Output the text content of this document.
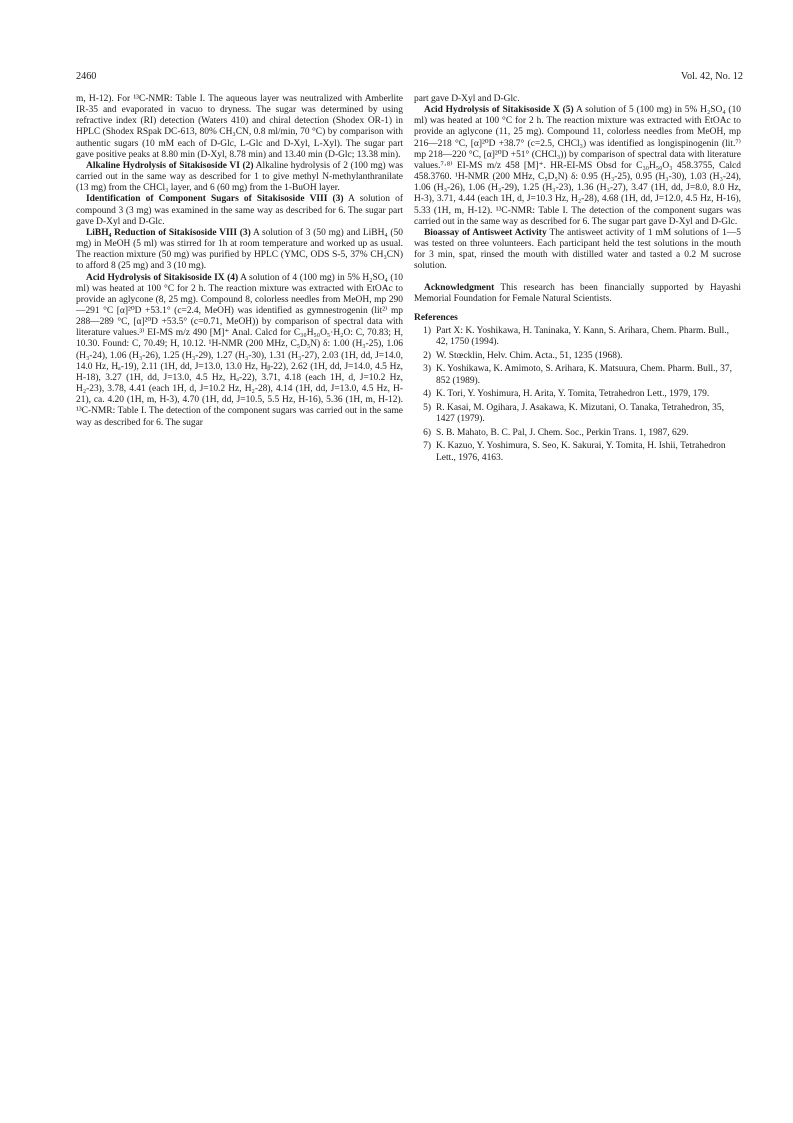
2460	Vol. 42, No. 12

m, H-12). For ¹³C-NMR: Table I. The aqueous layer was neutralized with Amberlite IR-35 and evaporated in vacuo to dryness. The sugar was determined by using refractive index (RI) detection (Waters 410) and chiral detection (Shodex OR-1) in HPLC (Shodex RSpak DC-613, 80% CH₃CN, 0.8 ml/min, 70 °C) by comparison with authentic sugars (10 mM each of D-Glc, L-Glc and D-Xyl, L-Xyl). The sugar part gave positive peaks at 8.80 min (D-Xyl, 8.78 min) and 13.40 min (D-Glc; 13.38 min).

Alkaline Hydrolysis of Sitakisoside VI (2) Alkaline hydrolysis of 2 (100 mg) was carried out in the same way as described for 1 to give methyl N-methylanthranilate (13 mg) from the CHCl₃ layer, and 6 (60 mg) from the 1-BuOH layer.

Identification of Component Sugars of Sitakisoside VIII (3) A solution of compound 3 (3 mg) was examined in the same way as described for 6. The sugar part gave D-Xyl and D-Glc.

LiBH₄ Reduction of Sitakisoside VIII (3) A solution of 3 (50 mg) and LiBH₄ (50 mg) in MeOH (5 ml) was stirred for 1h at room temperature and worked up as usual. The reaction mixture (50 mg) was purified by HPLC (YMC, ODS S-5, 37% CH₃CN) to afford 8 (25 mg) and 3 (10 mg).

Acid Hydrolysis of Sitakisoside IX (4) A solution of 4 (100 mg) in 5% H₂SO₄ (10 ml) was heated at 100 °C for 2 h. The reaction mixture was extracted with EtOAc to provide an aglycone (8, 25 mg). Compound 8, colorless needles from MeOH, mp 290—291 °C [α]²⁰D +53.1° (c=2.4, MeOH) was identified as gymnestrogenin (lit²⁾ mp 288—289 °C, [α]²⁰D +53.5° (c=0.71, MeOH)) by comparison of spectral data with literature values.³⁾ EI-MS m/z 490 [M]⁺ Anal. Calcd for C₃₀H₅₀O₅·H₂O: C, 70.83; H, 10.30. Found: C, 70.49; H, 10.12. ¹H-NMR (200 MHz, C₅D₅N) δ: 1.00 (H₃-25), 1.06 (H₃-24), 1.06 (H₃-26), 1.25 (H₃-29), 1.27 (H₃-30), 1.31 (H₃-27), 2.03 (1H, dd, J=14.0, 14.0 Hz, Hₐ-19), 2.11 (1H, dd, J=13.0, 13.0 Hz, Hᵦ-22), 2.62 (1H, dd, J=14.0, 4.5 Hz, H-18), 3.27 (1H, dd, J=13.0, 4.5 Hz, Hₐ-22), 3.71, 4.18 (each 1H, d, J=10.2 Hz, H₂-23), 3.78, 4.41 (each 1H, d, J=10.2 Hz, H₂-28), 4.14 (1H, dd, J=13.0, 4.5 Hz, H-21), ca. 4.20 (1H, m, H-3), 4.70 (1H, dd, J=10.5, 5.5 Hz, H-16), 5.36 (1H, m, H-12). ¹³C-NMR: Table I. The detection of the component sugars was carried out in the same way as described for 6. The sugar

part gave D-Xyl and D-Glc.

Acid Hydrolysis of Sitakisoside X (5) A solution of 5 (100 mg) in 5% H₂SO₄ (10 ml) was heated at 100 °C for 2 h. The reaction mixture was extracted with EtOAc to provide an aglycone (11, 25 mg). Compound 11, colorless needles from MeOH, mp 216—218 °C, [α]²⁰D +38.7° (c=2.5, CHCl₃) was identified as longispinogenin (lit.⁷⁾ mp 218—220 °C, [α]²⁰D +51° (CHCl₃)) by comparison of spectral data with literature values.⁷·⁸⁾ EI-MS m/z 458 [M]⁺. HR-EI-MS Obsd for C₃₀H₅₀O₃ 458.3755, Calcd 458.3760. ¹H-NMR (200 MHz, C₅D₅N) δ: 0.95 (H₃-25), 0.95 (H₃-30), 1.03 (H₃-24), 1.06 (H₃-26), 1.06 (H₃-29), 1.25 (H₃-23), 1.36 (H₃-27), 3.47 (1H, dd, J=8.0, 8.0 Hz, H-3), 3.71, 4.44 (each 1H, d, J=10.3 Hz, H₂-28), 4.68 (1H, dd, J=12.0, 4.5 Hz, H-16), 5.33 (1H, m, H-12). ¹³C-NMR: Table I. The detection of the component sugars was carried out in the same way as described for 6. The sugar part gave D-Xyl and D-Glc.

Bioassay of Antisweet Activity The antisweet activity of 1 mM solutions of 1—5 was tested on three volunteers. Each participant held the test solutions in the mouth for 3 min, spat, rinsed the mouth with distilled water and tasted a 0.2 M sucrose solution.

Acknowledgment This research has been financially supported by Hayashi Memorial Foundation for Female Natural Scientists.

References
1) Part X: K. Yoshikawa, H. Taninaka, Y. Kann, S. Arihara, Chem. Pharm. Bull., 42, 1750 (1994).
2) W. Stœcklin, Helv. Chim. Acta., 51, 1235 (1968).
3) K. Yoshikawa, K. Amimoto, S. Arihara, K. Matsuura, Chem. Pharm. Bull., 37, 852 (1989).
4) K. Tori, Y. Yoshimura, H. Arita, Y. Tomita, Tetrahedron Lett., 1979, 179.
5) R. Kasai, M. Ogihara, J. Asakawa, K. Mizutani, O. Tanaka, Tetrahedron, 35, 1427 (1979).
6) S. B. Mahato, B. C. Pal, J. Chem. Soc., Perkin Trans. 1, 1987, 629.
7) K. Kazuo, Y. Yoshimura, S. Seo, K. Sakurai, Y. Tomita, H. Ishii, Tetrahedron Lett., 1976, 4163.
